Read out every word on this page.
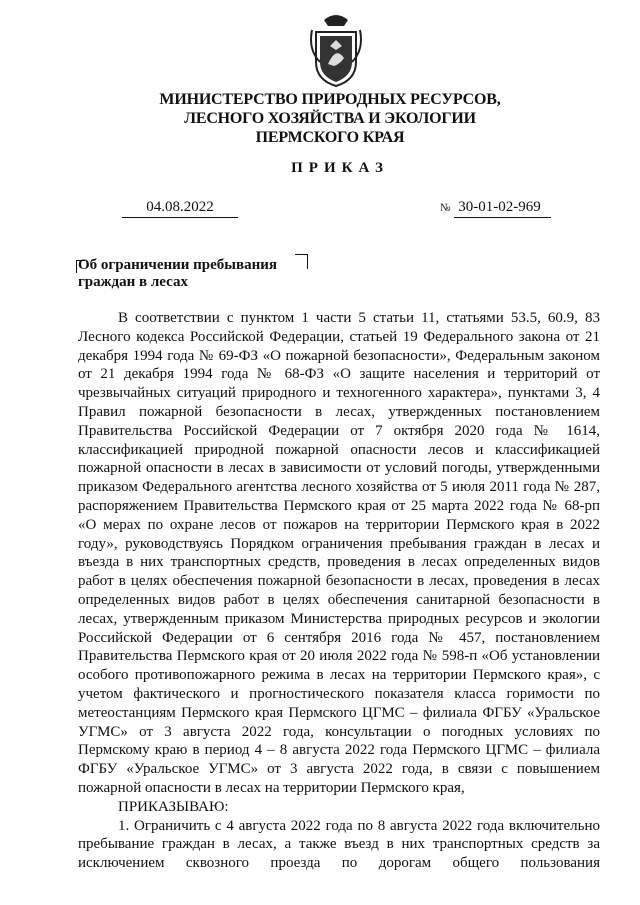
МИНИСТЕРСТВО ПРИРОДНЫХ РЕСУРСОВ,
ЛЕСНОГО ХОЗЯЙСТВА И ЭКОЛОГИИ
ПЕРМСКОГО КРАЯ
ПРИКАЗ
04.08.2022	№ 30-01-02-969
Об ограничении пребывания
граждан в лесах

В соответствии с пунктом 1 части 5 статьи 11, статьями 53.5, 60.9, 83 Лесного кодекса Российской Федерации, статьей 19 Федерального закона от 21 декабря 1994 года № 69-ФЗ «О пожарной безопасности», Федеральным законом от 21 декабря 1994 года № 68-ФЗ «О защите населения и территорий от чрезвычайных ситуаций природного и техногенного характера», пунктами 3, 4 Правил пожарной безопасности в лесах, утвержденных постановлением Правительства Российской Федерации от 7 октября 2020 года № 1614, классификацией природной пожарной опасности лесов и классификацией пожарной опасности в лесах в зависимости от условий погоды, утвержденными приказом Федерального агентства лесного хозяйства от 5 июля 2011 года № 287, распоряжением Правительства Пермского края от 25 марта 2022 года № 68-рп «О мерах по охране лесов от пожаров на территории Пермского края в 2022 году», руководствуясь Порядком ограничения пребывания граждан в лесах и въезда в них транспортных средств, проведения в лесах определенных видов работ в целях обеспечения пожарной безопасности в лесах, проведения в лесах определенных видов работ в целях обеспечения санитарной безопасности в лесах, утвержденным приказом Министерства природных ресурсов и экологии Российской Федерации от 6 сентября 2016 года № 457, постановлением Правительства Пермского края от 20 июля 2022 года № 598-п «Об установлении особого противопожарного режима в лесах на территории Пермского края», с учетом фактического и прогностического показателя класса горимости по метеостанциям Пермского края Пермского ЦГМС – филиала ФГБУ «Уральское УГМС» от 3 августа 2022 года, консультации о погодных условиях по Пермскому краю в период 4 – 8 августа 2022 года Пермского ЦГМС – филиала ФГБУ «Уральское УГМС» от 3 августа 2022 года, в связи с повышением пожарной опасности в лесах на территории Пермского края,

ПРИКАЗЫВАЮ:

1. Ограничить с 4 августа 2022 года по 8 августа 2022 года включительно пребывание граждан в лесах, а также въезд в них транспортных средств за исключением сквозного проезда по дорогам общего пользования
